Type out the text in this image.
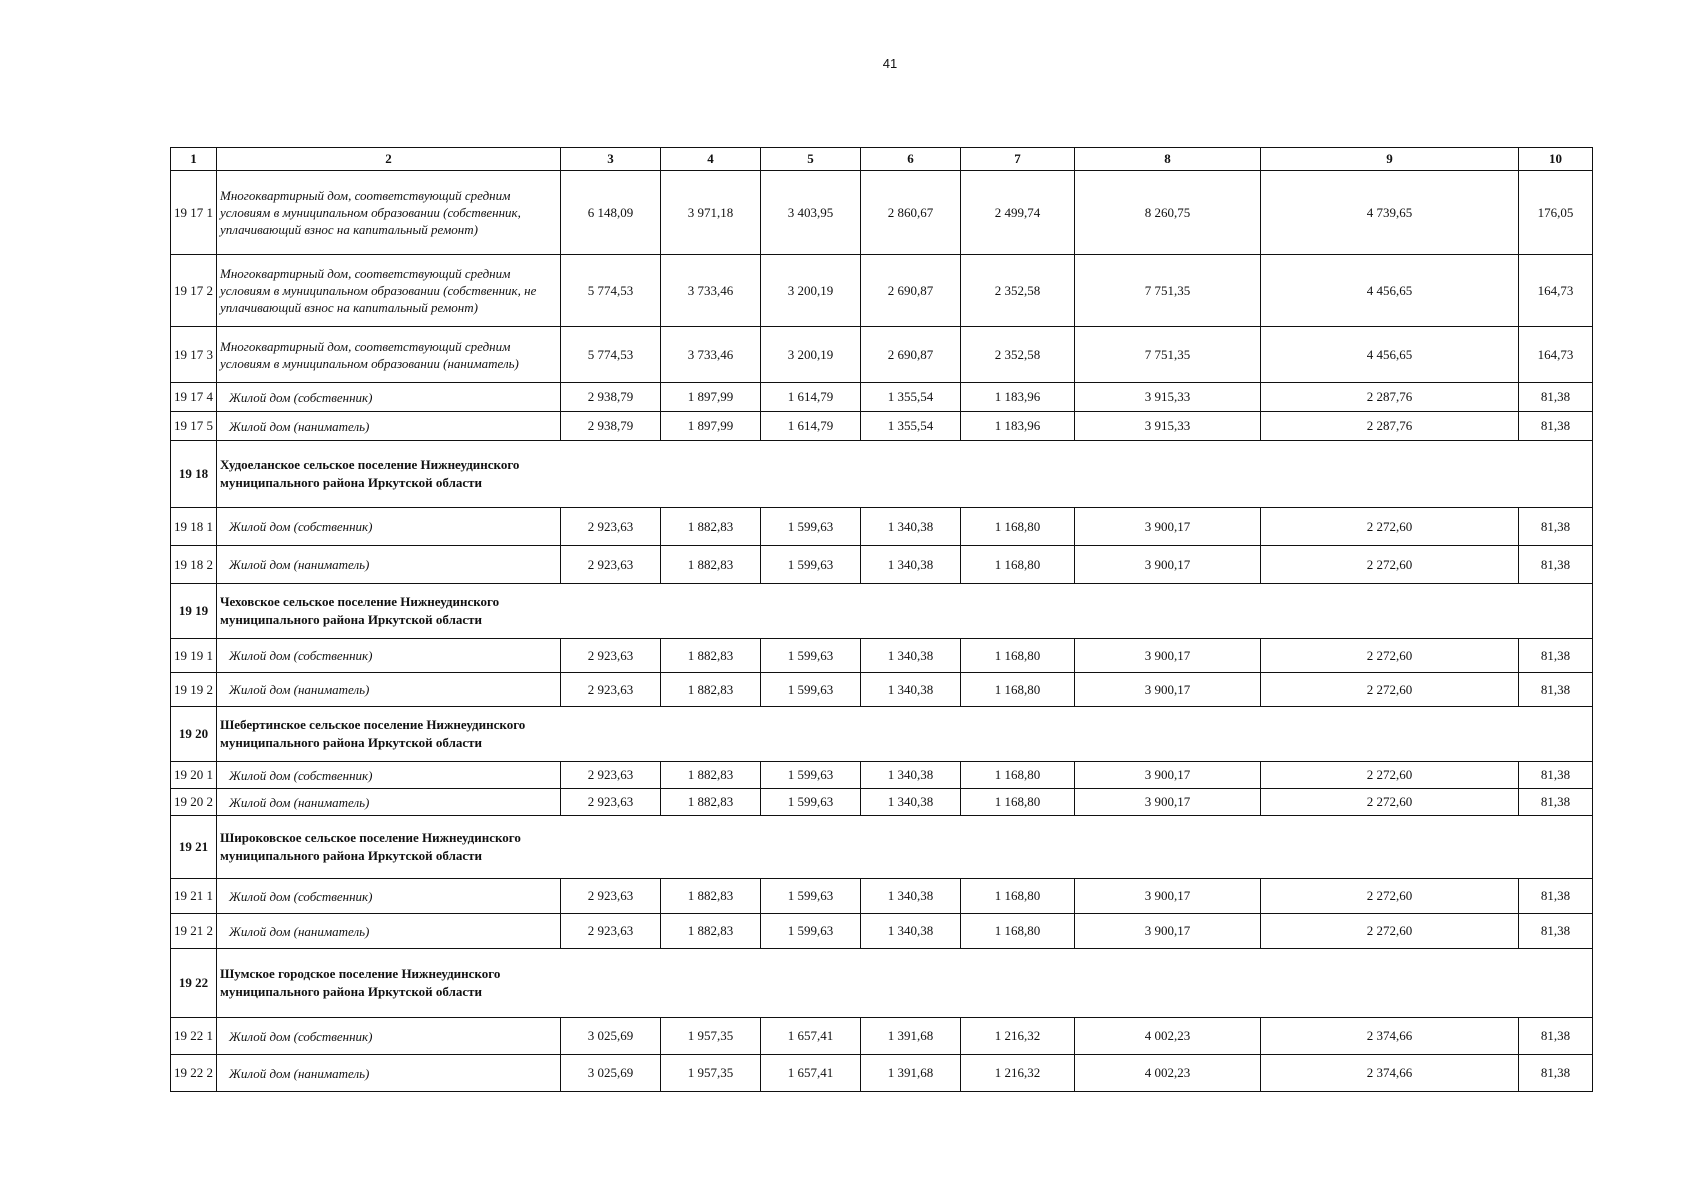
41
1	2	3	4	5	6	7	8	9	10
19 17 1	Многоквартирный дом, соответствующий средним условиям в муниципальном образовании (собственник, уплачивающий взнос на капитальный ремонт)	6 148,09	3 971,18	3 403,95	2 860,67	2 499,74	8 260,75	4 739,65	176,05
19 17 2	Многоквартирный дом, соответствующий средним условиям в муниципальном образовании (собственник, не уплачивающий взнос на капитальный ремонт)	5 774,53	3 733,46	3 200,19	2 690,87	2 352,58	7 751,35	4 456,65	164,73
19 17 3	Многоквартирный дом, соответствующий средним условиям в муниципальном образовании (наниматель)	5 774,53	3 733,46	3 200,19	2 690,87	2 352,58	7 751,35	4 456,65	164,73
19 17 4	Жилой дом (собственник)	2 938,79	1 897,99	1 614,79	1 355,54	1 183,96	3 915,33	2 287,76	81,38
19 17 5	Жилой дом (наниматель)	2 938,79	1 897,99	1 614,79	1 355,54	1 183,96	3 915,33	2 287,76	81,38
19 18	Худоеланское сельское поселение Нижнеудинского муниципального района Иркутской области								

19 18 1	Жилой дом (собственник)	2 923,63	1 882,83	1 599,63	1 340,38	1 168,80	3 900,17	2 272,60	81,38
19 18 2	Жилой дом (наниматель)	2 923,63	1 882,83	1 599,63	1 340,38	1 168,80	3 900,17	2 272,60	81,38
19 19	Чеховское сельское поселение Нижнеудинского муниципального района Иркутской области								

19 19 1	Жилой дом (собственник)	2 923,63	1 882,83	1 599,63	1 340,38	1 168,80	3 900,17	2 272,60	81,38
19 19 2	Жилой дом (наниматель)	2 923,63	1 882,83	1 599,63	1 340,38	1 168,80	3 900,17	2 272,60	81,38
19 20	Шебертинское сельское поселение Нижнеудинского муниципального района Иркутской области								

19 20 1	Жилой дом (собственник)	2 923,63	1 882,83	1 599,63	1 340,38	1 168,80	3 900,17	2 272,60	81,38
19 20 2	Жилой дом (наниматель)	2 923,63	1 882,83	1 599,63	1 340,38	1 168,80	3 900,17	2 272,60	81,38
19 21	Широковское сельское поселение Нижнеудинского муниципального района Иркутской области								

19 21 1	Жилой дом (собственник)	2 923,63	1 882,83	1 599,63	1 340,38	1 168,80	3 900,17	2 272,60	81,38
19 21 2	Жилой дом (наниматель)	2 923,63	1 882,83	1 599,63	1 340,38	1 168,80	3 900,17	2 272,60	81,38
19 22	Шумское городское поселение Нижнеудинского муниципального района Иркутской области								

19 22 1	Жилой дом (собственник)	3 025,69	1 957,35	1 657,41	1 391,68	1 216,32	4 002,23	2 374,66	81,38
19 22 2	Жилой дом (наниматель)	3 025,69	1 957,35	1 657,41	1 391,68	1 216,32	4 002,23	2 374,66	81,38
